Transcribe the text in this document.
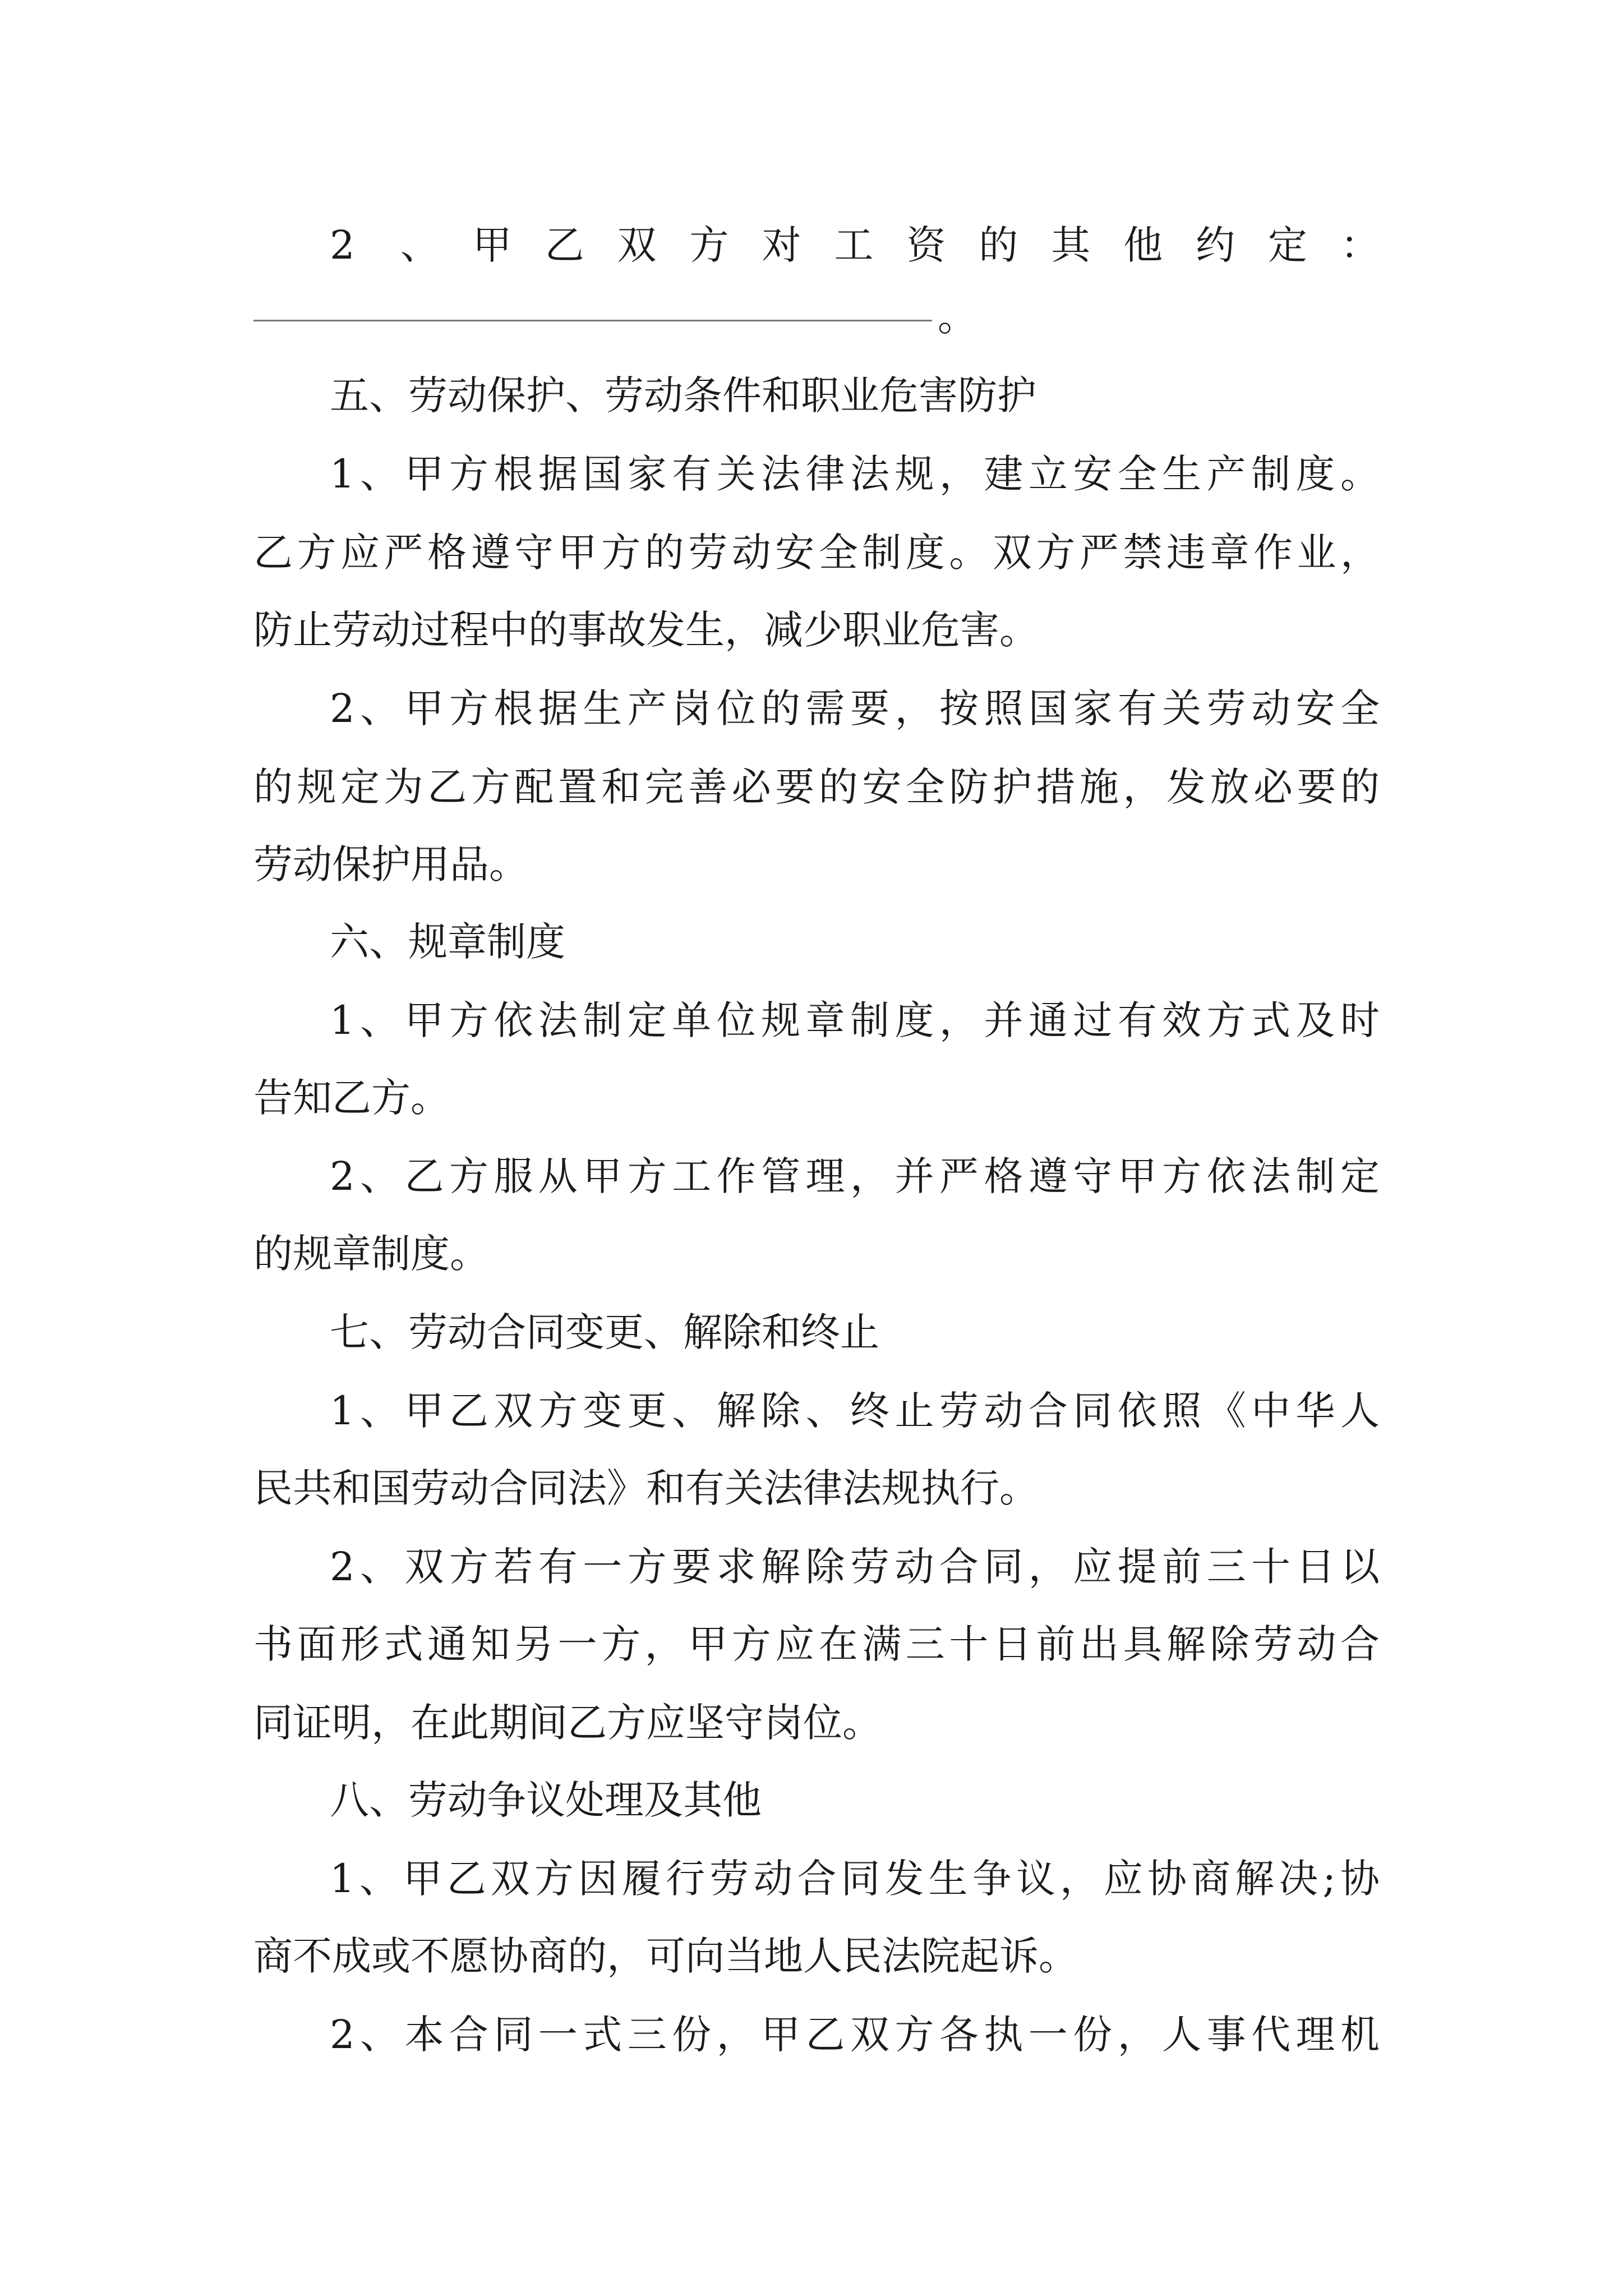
2 、甲乙双方对工资的其他约定：
。
五、劳动保护、劳动条件和职业危害防护
1、甲方根据国家有关法律法规，建立安全生产制度。
乙方应严格遵守甲方的劳动安全制度。双方严禁违章作业，
防止劳动过程中的事故发生，减少职业危害。
2、甲方根据生产岗位的需要，按照国家有关劳动安全
的规定为乙方配置和完善必要的安全防护措施，发放必要的
劳动保护用品。
六、规章制度
1、甲方依法制定单位规章制度，并通过有效方式及时
告知乙方。
2、乙方服从甲方工作管理，并严格遵守甲方依法制定
的规章制度。
七、劳动合同变更、解除和终止
1、甲乙双方变更、解除、终止劳动合同依照《中华人
民共和国劳动合同法》和有关法律法规执行。
2、双方若有一方要求解除劳动合同，应提前三十日以
书面形式通知另一方，甲方应在满三十日前出具解除劳动合
同证明，在此期间乙方应坚守岗位。
八、劳动争议处理及其他
1、甲乙双方因履行劳动合同发生争议，应协商解决;协
商不成或不愿协商的，可向当地人民法院起诉。
2、本合同一式三份，甲乙双方各执一份，人事代理机
